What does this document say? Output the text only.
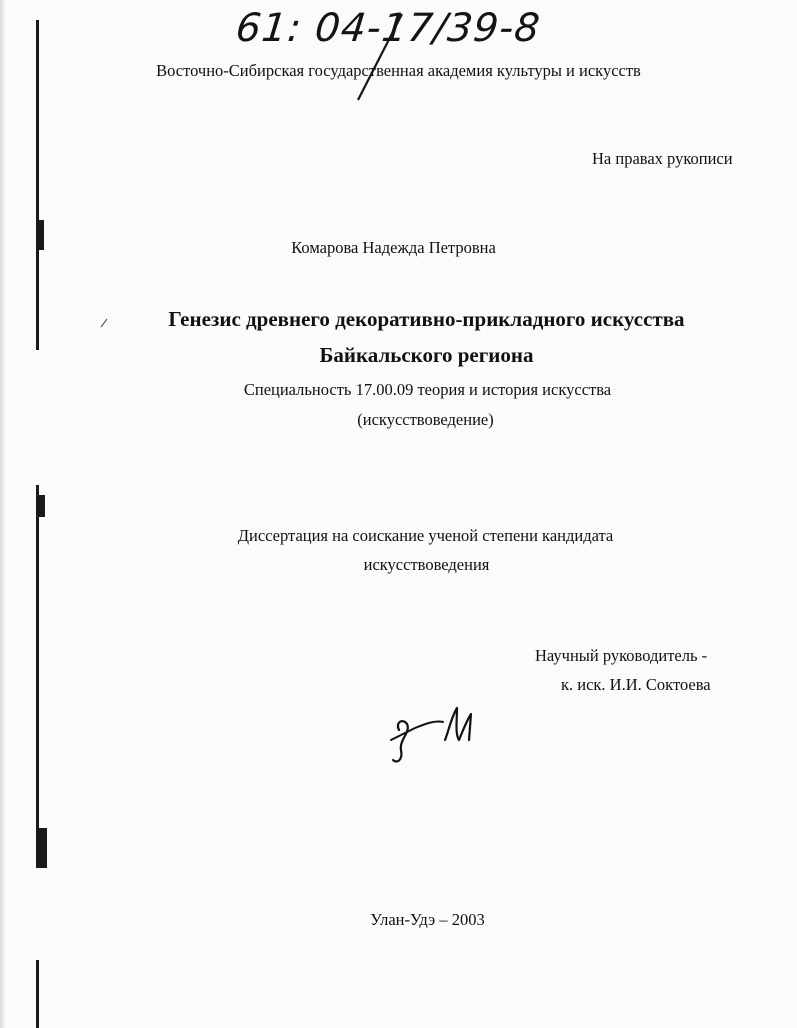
61: 04-17/39-8
Восточно-Сибирская государственная академия культуры и искусств
На правах рукописи
Комарова Надежда Петровна
Генезис древнего декоративно-прикладного искусства
Байкальского региона
Специальность 17.00.09 теория и история искусства
(искусствоведение)
Диссертация на соискание ученой степени кандидата
искусствоведения
Научный руководитель -
к. иск. И.И. Соктоева
Улан-Удэ – 2003
